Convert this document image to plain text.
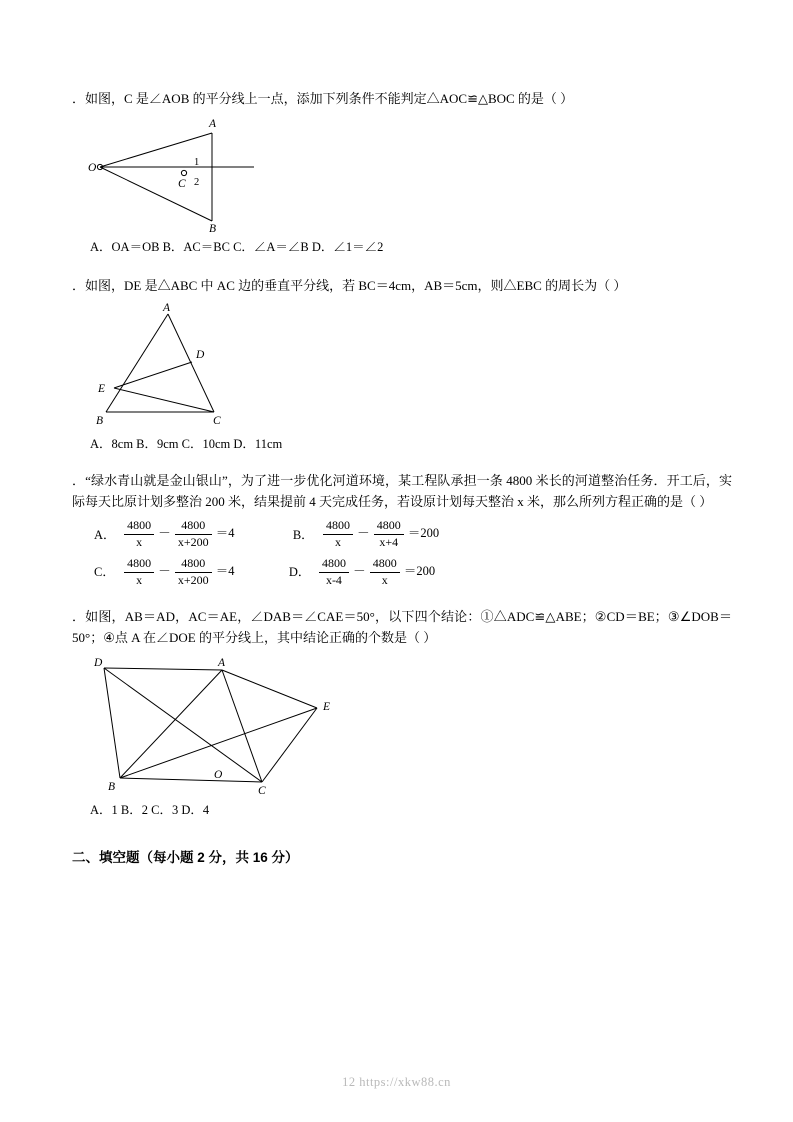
．如图，C 是∠AOB 的平分线上一点，添加下列条件不能判定△AOC≌△BOC 的是（ ）
O
A
B
C
1
2
A．OA＝OB B．AC＝BC C．∠A＝∠B D．∠1＝∠2
．如图，DE 是△ABC 中 AC 边的垂直平分线，若 BC＝4cm，AB＝5cm，则△EBC 的周长为（ ）
A
B	C
D
E
A．8cm B．9cm C．10cm D．11cm
．“绿水青山就是金山银山”，为了进一步优化河道环境，某工程队承担一条 4800 米长的河道整治任务．开工后，实际每天比原计划多整治 200 米，结果提前 4 天完成任务，若设原计划每天整治 x 米，那么所列方程正确的是（ ）
A． $\frac{4800}{x} - \frac{4800}{x+200} =4$	B． $\frac{4800}{x} - \frac{4800}{x+4} =200$
C． $\frac{4800}{x} - \frac{4800}{x+200} =4$	D． $\frac{4800}{x-4} - \frac{4800}{x} =200$
．如图，AB＝AD，AC＝AE，∠DAB＝∠CAE＝50°，以下四个结论：①△ADC≌△ABE；②CD＝BE；③∠DOB＝50°；④点 A 在∠DOE 的平分线上，其中结论正确的个数是（ ）
D	A
E
B	C
O
A．1 B．2 C．3 D．4
二、填空题（每小题 2 分，共 16 分）
12 https://xkw88.cn
